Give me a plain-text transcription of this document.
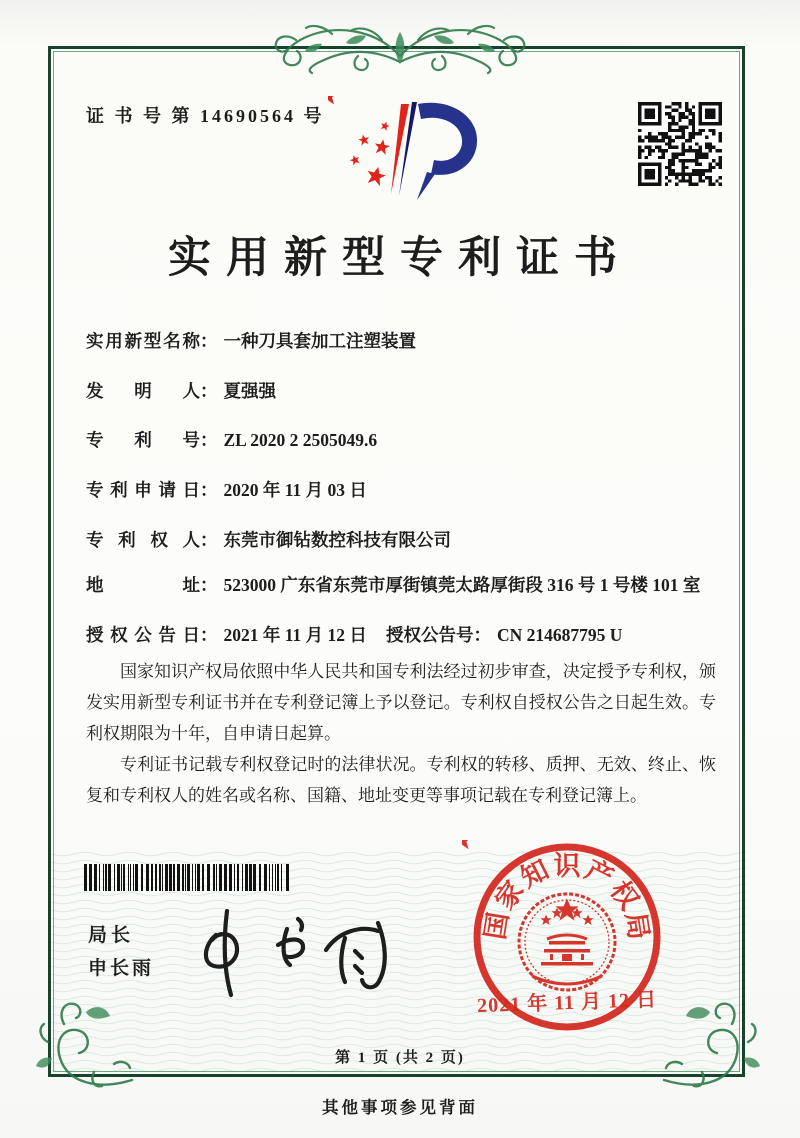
证 书 号 第 14690564 号
实用新型专利证书
实用新型名称 ： 一种刀具套加工注塑装置
发明人 ： 夏强强
专利号 ： ZL 2020 2 2505049.6
专利申请日 ： 2020 年 11 月 03 日
专利权人 ： 东莞市御钻数控科技有限公司
地址 ： 523000 广东省东莞市厚街镇莞太路厚街段 316 号 1 号楼 101 室
授权公告日 ： 2021 年 11 月 12 日 授权公告号 ： CN 214687795 U

国家知识产权局依照中华人民共和国专利法经过初步审查，决定授予专利权，颁发实用新型专利证书并在专利登记簿上予以登记。专利权自授权公告之日起生效。专利权期限为十年，自申请日起算。

专利证书记载专利权登记时的法律状况。专利权的转移、质押、无效、终止、恢复和专利权人的姓名或名称、国籍、地址变更等事项记载在专利登记簿上。

局长
申长雨
国
家
知 识 产
权
局
2021 年 11 月 12 日
第 1 页 (共 2 页)
其他事项参见背面
